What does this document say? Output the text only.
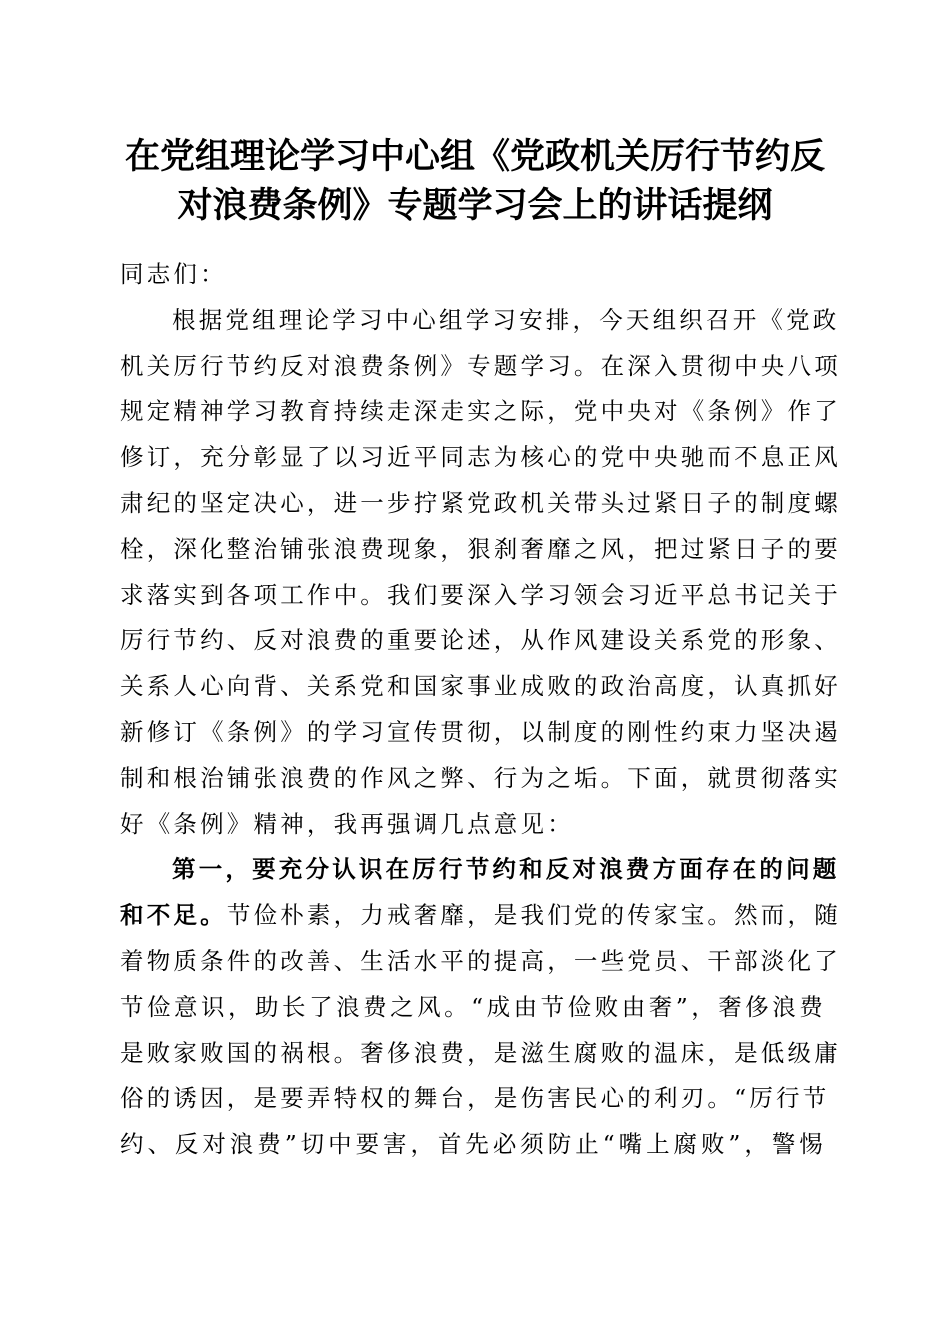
在党组理论学习中心组《党政机关厉行节约反
对浪费条例》专题学习会上的讲话提纲
同志们：
根据党组理论学习中心组学习安排，今天组织召开《党政
机关厉行节约反对浪费条例》专题学习。在深入贯彻中央八项
规定精神学习教育持续走深走实之际，党中央对《条例》作了
修订，充分彰显了以习近平同志为核心的党中央驰而不息正风
肃纪的坚定决心，进一步拧紧党政机关带头过紧日子的制度螺
栓，深化整治铺张浪费现象，狠刹奢靡之风，把过紧日子的要
求落实到各项工作中。我们要深入学习领会习近平总书记关于
厉行节约、反对浪费的重要论述，从作风建设关系党的形象、
关系人心向背、关系党和国家事业成败的政治高度，认真抓好
新修订《条例》的学习宣传贯彻，以制度的刚性约束力坚决遏
制和根治铺张浪费的作风之弊、行为之垢。下面，就贯彻落实
好《条例》精神，我再强调几点意见：
第一，要充分认识在厉行节约和反对浪费方面存在的问题
和不足。节俭朴素，力戒奢靡，是我们党的传家宝。然而，随
着物质条件的改善、生活水平的提高，一些党员、干部淡化了
节俭意识，助长了浪费之风。“成由节俭败由奢”，奢侈浪费
是败家败国的祸根。奢侈浪费，是滋生腐败的温床，是低级庸
俗的诱因，是要弄特权的舞台，是伤害民心的利刃。“厉行节
约、反对浪费”切中要害，首先必须防止“嘴上腐败”，警惕
